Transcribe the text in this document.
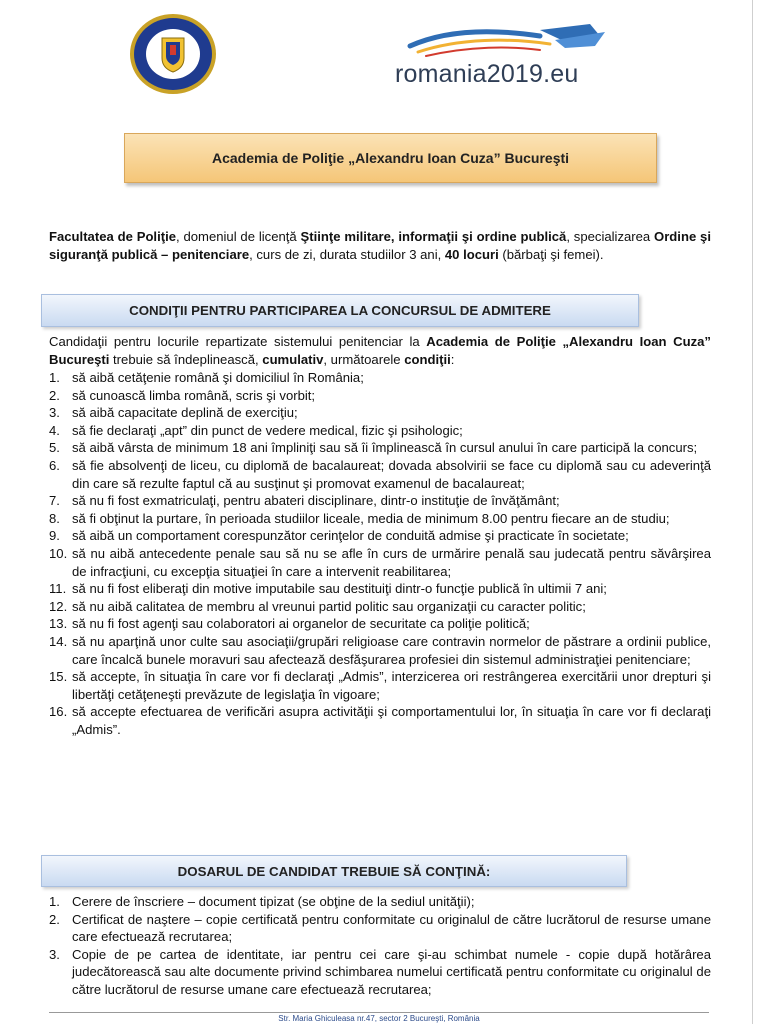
romania2019.eu
Academia de Poliţie „Alexandru Ioan Cuza” Bucureşti
Facultatea de Poliţie, domeniul de licenţă Ştiinţe militare, informaţii şi ordine publică, specializarea Ordine şi siguranţă publică – penitenciare, curs de zi, durata studiilor 3 ani, 40 locuri (bărbaţi şi femei).
CONDIŢII PENTRU PARTICIPAREA LA CONCURSUL DE ADMITERE
Candidaţii pentru locurile repartizate sistemului penitenciar la Academia de Poliţie „Alexandru Ioan Cuza” Bucureşti trebuie să îndeplinească, cumulativ, următoarele condiţii:
1. să aibă cetăţenie română şi domiciliul în România;
2. să cunoască limba română, scris şi vorbit;
3. să aibă capacitate deplină de exerciţiu;
4. să fie declaraţi „apt” din punct de vedere medical, fizic şi psihologic;
5. să aibă vârsta de minimum 18 ani împliniţi sau să îi împlinească în cursul anului în care participă la concurs;
6. să fie absolvenţi de liceu, cu diplomă de bacalaureat; dovada absolvirii se face cu diplomă sau cu adeverinţă din care să rezulte faptul că au susţinut şi promovat examenul de bacalaureat;
7. să nu fi fost exmatriculaţi, pentru abateri disciplinare, dintr-o instituţie de învăţământ;
8. să fi obţinut la purtare, în perioada studiilor liceale, media de minimum 8.00 pentru fiecare an de studiu;
9. să aibă un comportament corespunzător cerinţelor de conduită admise şi practicate în societate;
10. să nu aibă antecedente penale sau să nu se afle în curs de urmărire penală sau judecată pentru săvârşirea de infracţiuni, cu excepţia situaţiei în care a intervenit reabilitarea;
11. să nu fi fost eliberaţi din motive imputabile sau destituiţi dintr-o funcţie publică în ultimii 7 ani;
12. să nu aibă calitatea de membru al vreunui partid politic sau organizaţii cu caracter politic;
13. să nu fi fost agenţi sau colaboratori ai organelor de securitate ca poliţie politică;
14. să nu aparţină unor culte sau asociaţii/grupări religioase care contravin normelor de păstrare a ordinii publice, care încalcă bunele moravuri sau afectează desfăşurarea profesiei din sistemul administraţiei penitenciare;
15. să accepte, în situaţia în care vor fi declaraţi „Admis”, interzicerea ori restrângerea exercitării unor drepturi şi libertăţi cetăţeneşti prevăzute de legislaţia în vigoare;
16. să accepte efectuarea de verificări asupra activităţii şi comportamentului lor, în situaţia în care vor fi declaraţi „Admis”.
DOSARUL DE CANDIDAT TREBUIE SĂ CONŢINĂ:
1. Cerere de înscriere – document tipizat (se obţine de la sediul unităţii);
2. Certificat de naştere – copie certificată pentru conformitate cu originalul de către lucrătorul de resurse umane care efectuează recrutarea;
3. Copie de pe cartea de identitate, iar pentru cei care şi-au schimbat numele - copie după hotărârea judecătorească sau alte documente privind schimbarea numelui certificată pentru conformitate cu originalul de către lucrătorul de resurse umane care efectuează recrutarea;
Str. Maria Ghiculeasa nr.47, sector 2 Bucureşti, România
